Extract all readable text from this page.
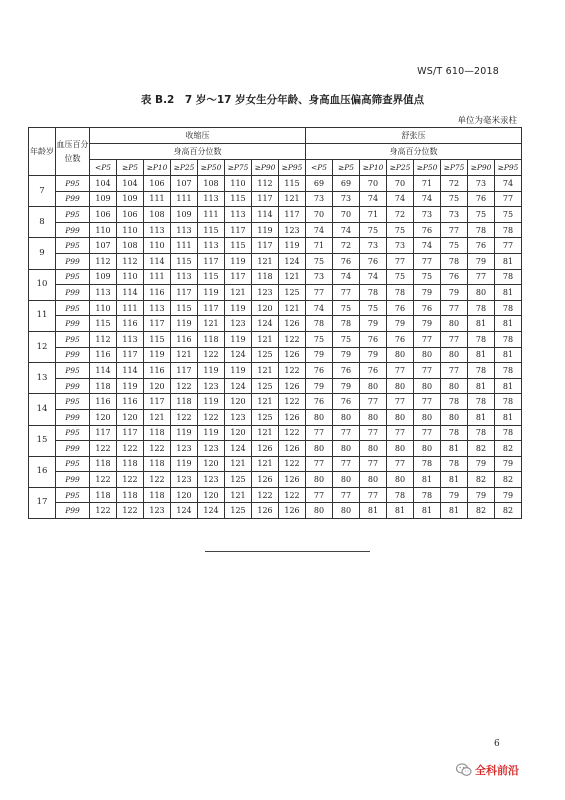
WS/T 610—2018
表 B.2　7 岁～17 岁女生分年龄、身高血压偏高筛查界值点
单位为毫米汞柱
年龄岁	血压百分位数	收缩压								舒张压							
		身高百分位数								身高百分位数							
		<P5	≥P5	≥P10	≥P25	≥P50	≥P75	≥P90	≥P95	<P5	≥P5	≥P10	≥P25	≥P50	≥P75	≥P90	≥P95
7	P95	104	104	106	107	108	110	112	115	69	69	70	70	71	72	73	74
	P99	109	109	111	111	113	115	117	121	73	73	74	74	74	75	76	77
8	P95	106	106	108	109	111	113	114	117	70	70	71	72	73	73	75	75
	P99	110	110	113	113	115	117	119	123	74	74	75	75	76	77	78	78
9	P95	107	108	110	111	113	115	117	119	71	72	73	73	74	75	76	77
	P99	112	112	114	115	117	119	121	124	75	76	76	77	77	78	79	81
10	P95	109	110	111	113	115	117	118	121	73	74	74	75	75	76	77	78
	P99	113	114	116	117	119	121	123	125	77	77	78	78	79	79	80	81
11	P95	110	111	113	115	117	119	120	121	74	75	75	76	76	77	78	78
	P99	115	116	117	119	121	123	124	126	78	78	79	79	79	80	81	81
12	P95	112	113	115	116	118	119	121	122	75	75	76	76	77	77	78	78
	P99	116	117	119	121	122	124	125	126	79	79	79	80	80	80	81	81
13	P95	114	114	116	117	119	119	121	122	76	76	76	77	77	77	78	78
	P99	118	119	120	122	123	124	125	126	79	79	80	80	80	80	81	81
14	P95	116	116	117	118	119	120	121	122	76	76	77	77	77	78	78	78
	P99	120	120	121	122	122	123	125	126	80	80	80	80	80	80	81	81
15	P95	117	117	118	119	119	120	121	122	77	77	77	77	77	78	78	78
	P99	122	122	122	123	123	124	126	126	80	80	80	80	80	81	82	82
16	P95	118	118	118	119	120	121	121	122	77	77	77	77	78	78	79	79
	P99	122	122	122	123	123	125	126	126	80	80	80	80	81	81	82	82
17	P95	118	118	118	120	120	121	122	122	77	77	77	78	78	79	79	79
	P99	122	122	123	124	124	125	126	126	80	80	81	81	81	81	82	82
6
全科前沿
